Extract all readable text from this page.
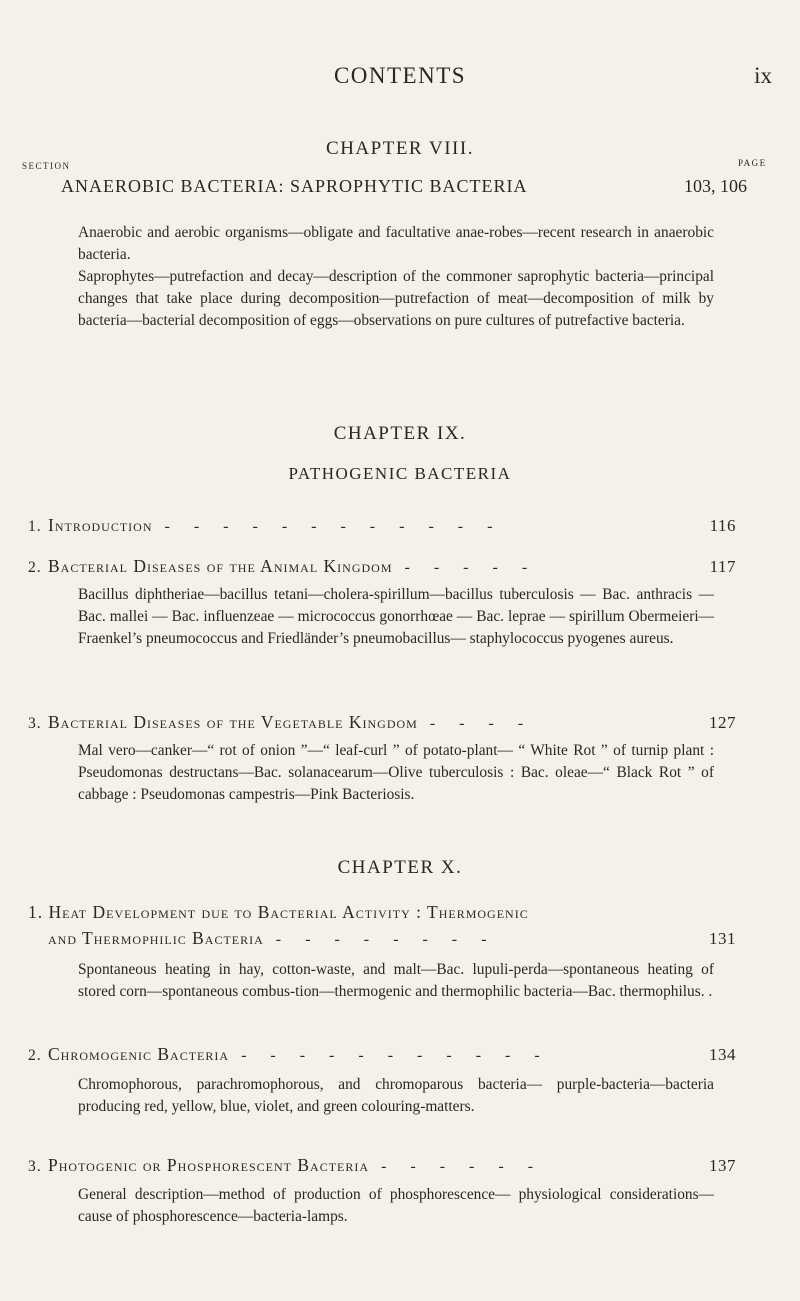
CONTENTS	ix
CHAPTER VIII.
SECTION	PAGE
ANAEROBIC BACTERIA: SAPROPHYTIC BACTERIA	103, 106
Anaerobic and aerobic organisms—obligate and facultative anae-robes—recent research in anaerobic bacteria.
Saprophytes—putrefaction and decay—description of the commoner saprophytic bacteria—principal changes that take place during decomposition—putrefaction of meat—decomposition of milk by bacteria—bacterial decomposition of eggs—observations on pure cultures of putrefactive bacteria.
CHAPTER IX.
PATHOGENIC BACTERIA
1. Introduction - - - - - - - - - - - -	116
2. Bacterial Diseases of the Animal Kingdom - - - - -	117
Bacillus diphtheriae—bacillus tetani—cholera-spirillum—bacillus tuberculosis — Bac. anthracis — Bac. mallei — Bac. influenzeae — micrococcus gonorrhœae — Bac. leprae — spirillum Obermeieri— Fraenkel’s pneumococcus and Friedländer’s pneumobacillus— staphylococcus pyogenes aureus.
3. Bacterial Diseases of the Vegetable Kingdom - - - -	127
Mal vero—canker—“ rot of onion ”—“ leaf-curl ” of potato-plant— “ White Rot ” of turnip plant : Pseudomonas destructans—Bac. solanacearum—Olive tuberculosis : Bac. oleae—“ Black Rot ” of cabbage : Pseudomonas campestris—Pink Bacteriosis.
CHAPTER X.
1. Heat Development due to Bacterial Activity : Thermogenic
and Thermophilic Bacteria - - - - - - - -	131
Spontaneous heating in hay, cotton-waste, and malt—Bac. lupuli-perda—spontaneous heating of stored corn—spontaneous combus-tion—thermogenic and thermophilic bacteria—Bac. thermophilus. .
2. Chromogenic Bacteria - - - - - - - - - - -	134
Chromophorous, parachromophorous, and chromoparous bacteria— purple-bacteria—bacteria producing red, yellow, blue, violet, and green colouring-matters.
3. Photogenic or Phosphorescent Bacteria - - - - - -	137
General description—method of production of phosphorescence— physiological considerations—cause of phosphorescence—bacteria-lamps.
